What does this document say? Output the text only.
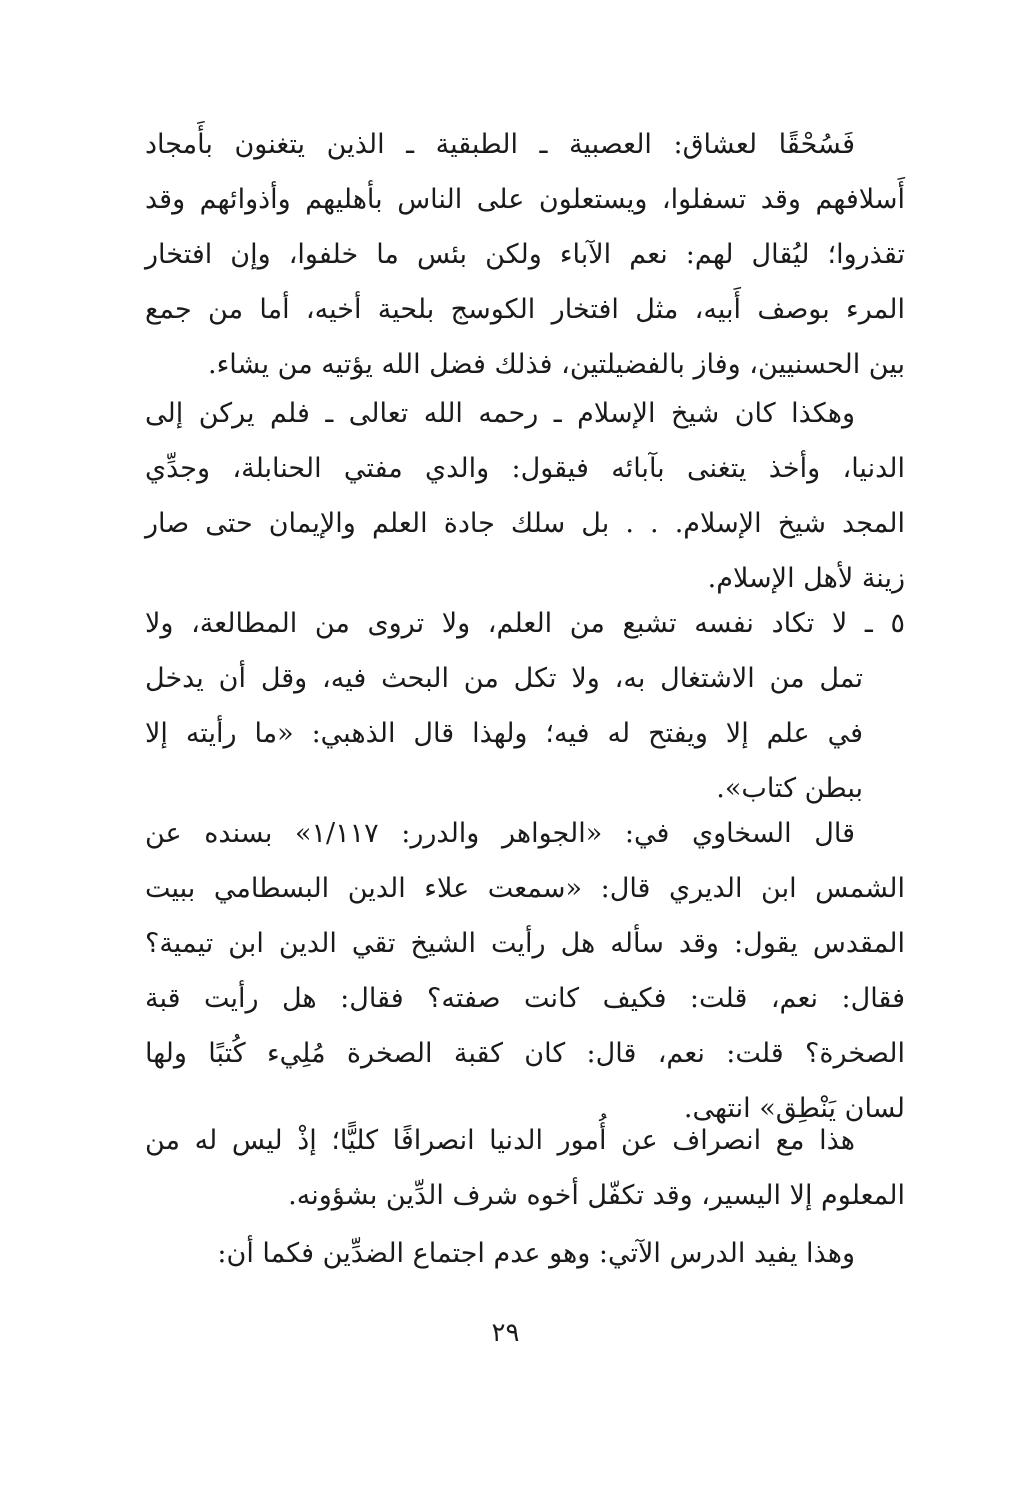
فَسُحْقًا لعشاق: العصبية ـ الطبقية ـ الذين يتغنون بأَمجاد
أَسلافهم وقد تسفلوا، ويستعلون على الناس بأهليهم وأذوائهم وقد
تقذروا؛ ليُقال لهم: نعم الآباء ولكن بئس ما خلفوا، وإن افتخار
المرء بوصف أَبيه، مثل افتخار الكوسج بلحية أخيه، أما من جمع
بين الحسنيين، وفاز بالفضيلتين، فذلك فضل الله يؤتيه من يشاء.
وهكذا كان شيخ الإسلام ـ رحمه الله تعالى ـ فلم يركن إلى
الدنيا، وأخذ يتغنى بآبائه فيقول: والدي مفتي الحنابلة، وجدِّي
المجد شيخ الإسلام. . . بل سلك جادة العلم والإيمان حتى صار
زينة لأهل الإسلام.
٥ ـ لا تكاد نفسه تشبع من العلم، ولا تروى من المطالعة، ولا
تمل من الاشتغال به، ولا تكل من البحث فيه، وقل أن يدخل
في علم إلا ويفتح له فيه؛ ولهذا قال الذهبي: «ما رأيته إلا
ببطن كتاب».
قال السخاوي في: «الجواهر والدرر: ١/١١٧» بسنده عن
الشمس ابن الديري قال: «سمعت علاء الدين البسطامي ببيت
المقدس يقول: وقد سأله هل رأيت الشيخ تقي الدين ابن تيمية؟
فقال: نعم، قلت: فكيف كانت صفته؟ فقال: هل رأيت قبة
الصخرة؟ قلت: نعم، قال: كان كقبة الصخرة مُلِيء كُتبًا ولها
لسان يَنْطِق» انتهى.
هذا مع انصراف عن أُمور الدنيا انصرافًا كليًّا؛ إذْ ليس له من
المعلوم إلا اليسير، وقد تكفّل أخوه شرف الدِّين بشؤونه.
وهذا يفيد الدرس الآتي: وهو عدم اجتماع الضدِّين فكما أن:
٢٩
